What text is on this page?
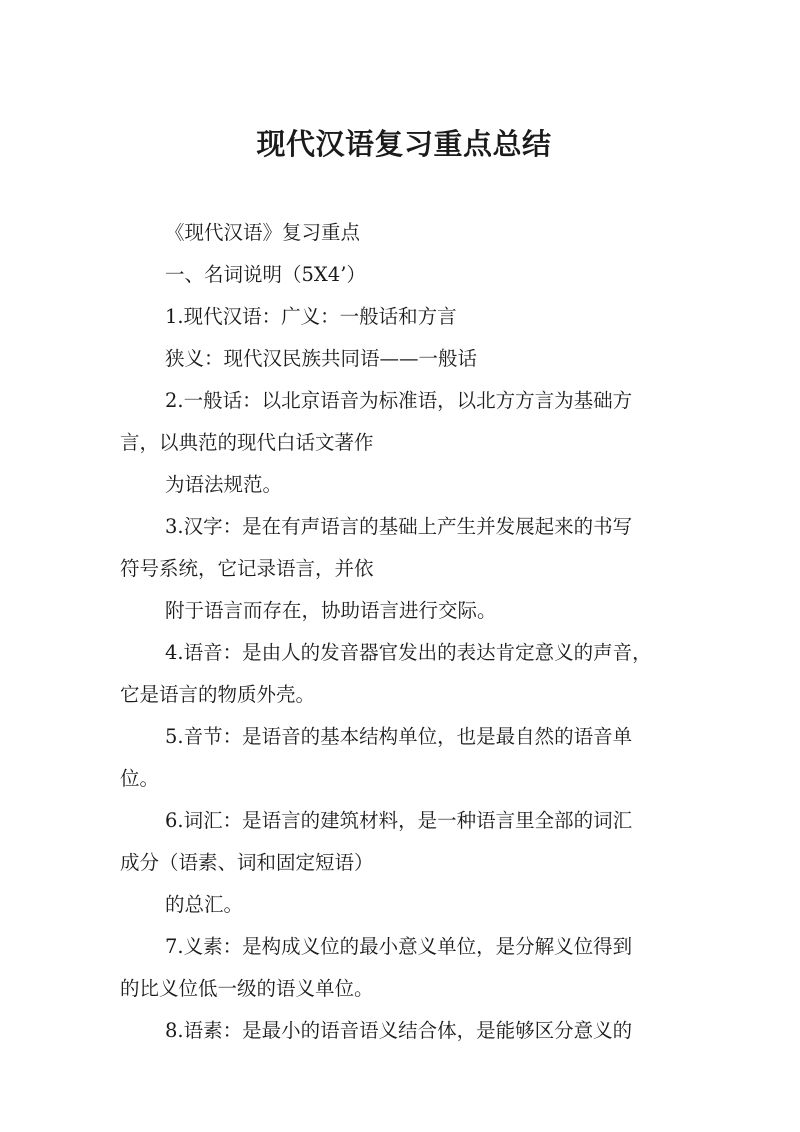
现代汉语复习重点总结

《现代汉语》复习重点

一、名词说明（5X4’）

1.现代汉语：广义：一般话和方言

狭义：现代汉民族共同语——一般话

2.一般话：以北京语音为标准语，以北方方言为基础方

言，以典范的现代白话文著作

为语法规范。

3.汉字：是在有声语言的基础上产生并发展起来的书写

符号系统，它记录语言，并依

附于语言而存在，协助语言进行交际。

4.语音：是由人的发音器官发出的表达肯定意义的声音，

它是语言的物质外壳。

5.音节：是语音的基本结构单位，也是最自然的语音单

位。

6.词汇：是语言的建筑材料，是一种语言里全部的词汇

成分（语素、词和固定短语）

的总汇。

7.义素：是构成义位的最小意义单位，是分解义位得到

的比义位低一级的语义单位。

8.语素：是最小的语音语义结合体，是能够区分意义的
